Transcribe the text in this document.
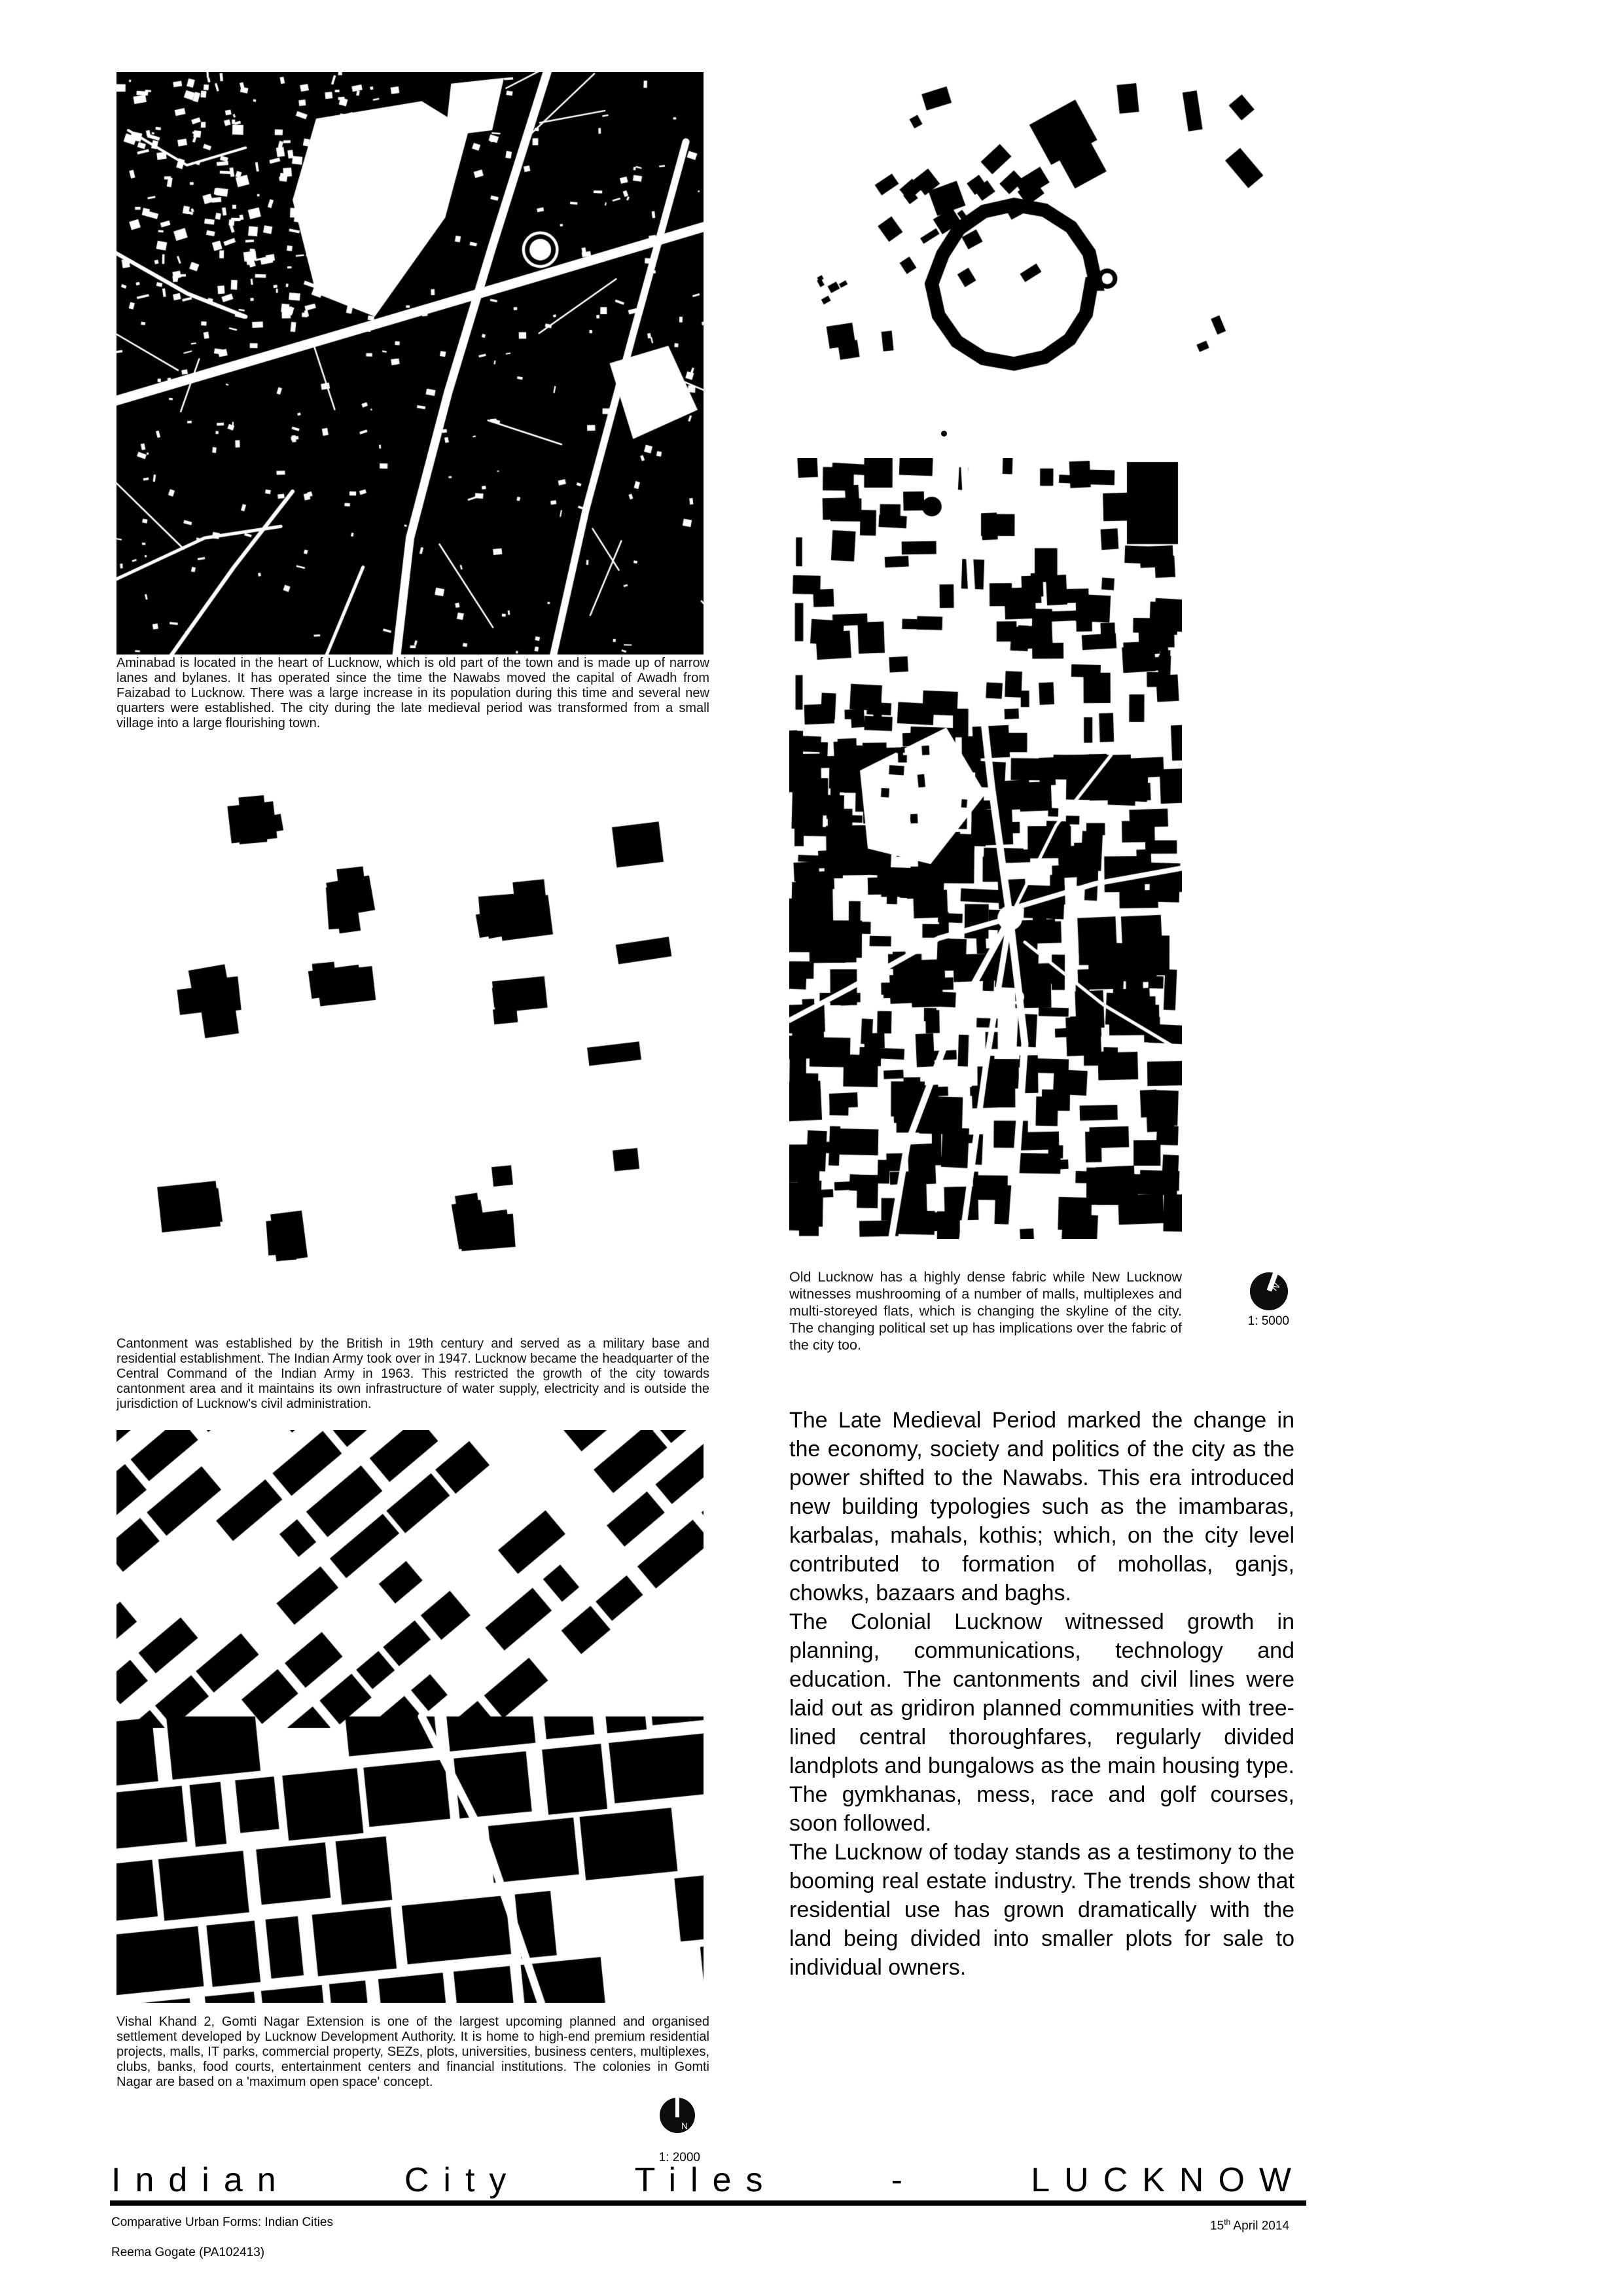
Aminabad is located in the heart of Lucknow, which is old part of the town and is made up of narrow lanes and bylanes. It has operated since the time the Nawabs moved the capital of Awadh from Faizabad to Lucknow. There was a large increase in its population during this time and several new quarters were established. The city during the late medieval period was transformed from a small village into a large flourishing town.

Old Lucknow has a highly dense fabric while New Lucknow witnesses mushrooming of a number of malls, multiplexes and multi-storeyed flats, which is changing the skyline of the city. The changing political set up has implications over the fabric of the city too.

Cantonment was established by the British in 19th century and served as a military base and residential establishment. The Indian Army took over in 1947. Lucknow became the headquarter of the Central Command of the Indian Army in 1963. This restricted the growth of the city towards cantonment area and it maintains its own infrastructure of water supply, electricity and is outside the jurisdiction of Lucknow's civil administration.

Vishal Khand 2, Gomti Nagar Extension is one of the largest upcoming planned and organised settlement developed by Lucknow Development Authority. It is home to high-end premium residential projects, malls, IT parks, commercial property, SEZs, plots, universities, business centers, multiplexes, clubs, banks, food courts, entertainment centers and financial institutions. The colonies in Gomti Nagar are based on a 'maximum open space' concept.

N
1: 5000

The Late Medieval Period marked the change in the economy, society and politics of the city as the power shifted to the Nawabs. This era introduced new building typologies such as the imambaras, karbalas, mahals, kothis; which, on the city level contributed to formation of mohollas, ganjs, chowks, bazaars and baghs.

The Colonial Lucknow witnessed growth in planning, communications, technology and education. The cantonments and civil lines were laid out as gridiron planned communities with tree-lined central thoroughfares, regularly divided landplots and bungalows as the main housing type. The gymkhanas, mess, race and golf courses, soon followed.

The Lucknow of today stands as a testimony to the booming real estate industry. The trends show that residential use has grown dramatically with the land being divided into smaller plots for sale to individual owners.

N
1: 2000
Indian	City	Tiles	-	LUCKNOW
Comparative Urban Forms: Indian Cities
Reema Gogate (PA102413)
15th April 2014
